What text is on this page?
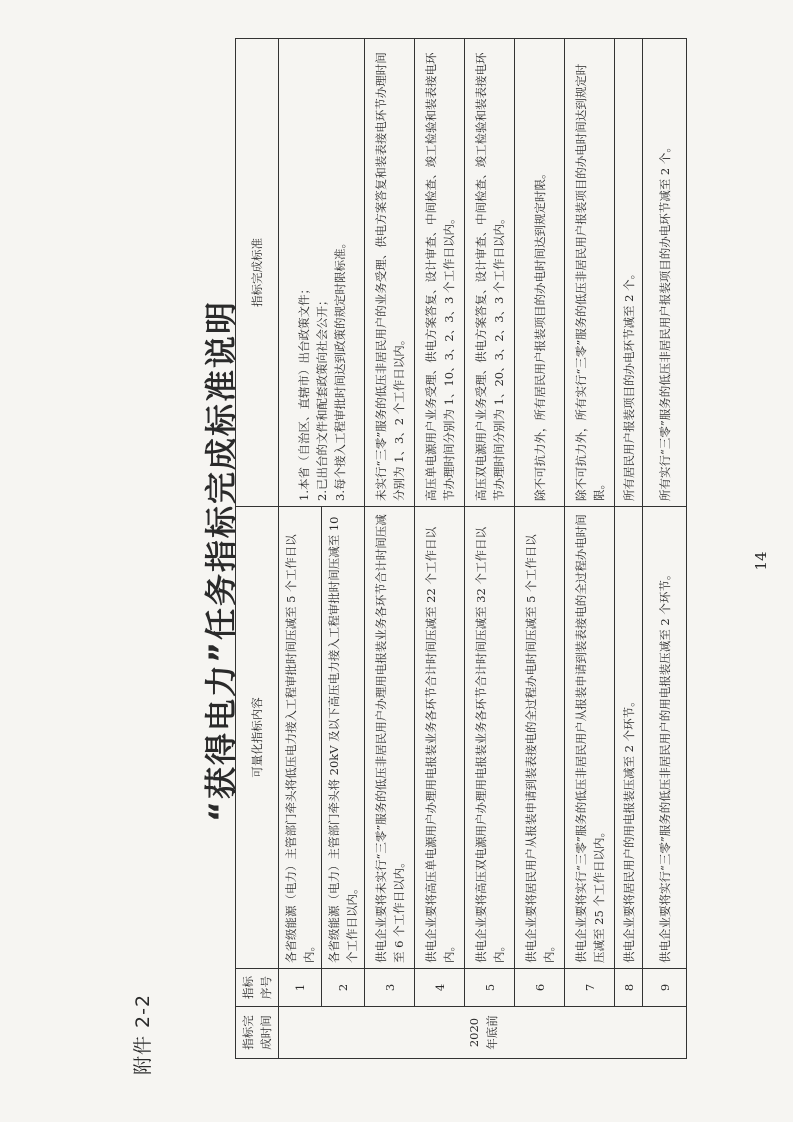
附件 2-2
“获得电力”任务指标完成标准说明
指标完成时间	指标序号	可量化指标内容	指标完成标准
2020 年底前	1	各省级能源（电力）主管部门牵头将低压电力接入工程审批时间压减至 5 个工作日以内。	1.本省（自治区、直辖市）出台政策文件；
2.已出台的文件和配套政策向社会公开；
3.每个接入工程审批时间达到政策的规定时限标准。
	2	各省级能源（电力）主管部门牵头将 20kV 及以下高压电力接入工程审批时间压减至 10 个工作日以内。	
	3	供电企业要将未实行“三零”服务的低压非居民用户办理用电报装业务各环节合计时间压减至 6 个工作日以内。	未实行“三零”服务的低压非居民用户的业务受理、供电方案答复和装表接电环节办理时间分别为 1、3、2 个工作日以内。
	4	供电企业要将高压单电源用户办理用电报装业务各环节合计时间压减至 22 个工作日以内。	高压单电源用户业务受理、供电方案答复、设计审查、中间检查、竣工检验和装表接电环节办理时间分别为 1、10、3、2、3、3 个工作日以内。
	5	供电企业要将高压双电源用户办理用电报装业务各环节合计时间压减至 32 个工作日以内。	高压双电源用户业务受理、供电方案答复、设计审查、中间检查、竣工检验和装表接电环节办理时间分别为 1、20、3、2、3、3 个工作日以内。
	6	供电企业要将居民用户从报装申请到装表接电的全过程办电时间压减至 5 个工作日以内。	除不可抗力外，所有居民用户报装项目的办电时间达到规定时限。
	7	供电企业要将实行“三零”服务的低压非居民用户从报装申请到装表接电的全过程办电时间压减至 25 个工作日以内。	除不可抗力外，所有实行“三零”服务的低压非居民用户报装项目的办电时间达到规定时限。
	8	供电企业要将居民用户的用电报装压减至 2 个环节。	所有居民用户报装项目的办电环节减至 2 个。
	9	供电企业要将实行“三零”服务的低压非居民用户的用电报装压减至 2 个环节。	所有实行“三零”服务的低压非居民用户报装项目的办电环节减至 2 个。
14
